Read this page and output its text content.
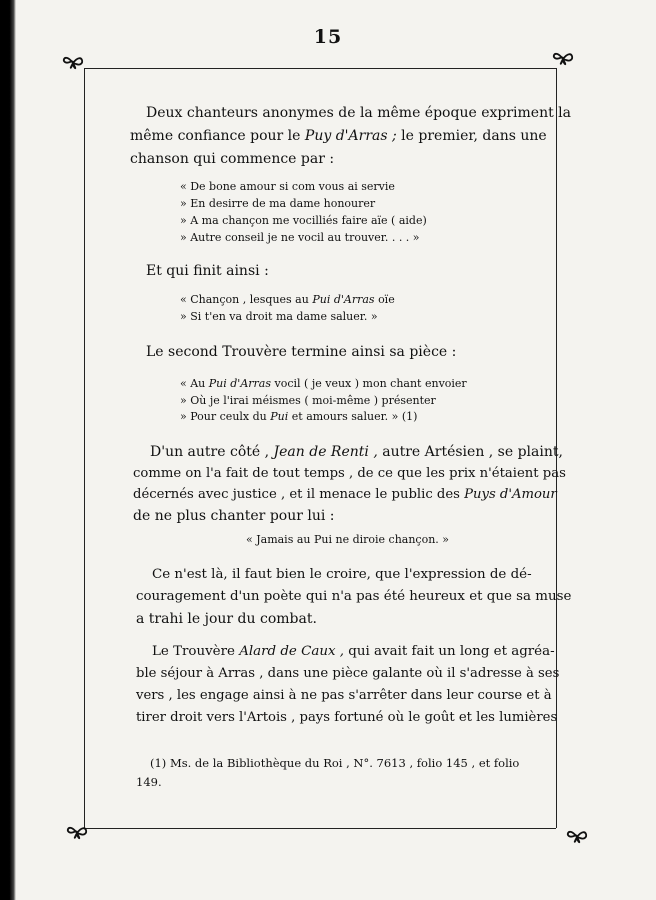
15
Deux chanteurs anonymes de la même époque expriment la
même confiance pour le Puy d'Arras ; le premier, dans une
chanson qui commence par :
« De bone amour si com vous ai servie
» En desirre de ma dame honourer
» A ma chançon me vocilliés faire aïe ( aide)
» Autre conseil je ne vocil au trouver. . . . »
Et qui finit ainsi :
« Chançon , lesques au Pui d'Arras oïe
» Si t'en va droit ma dame saluer. »
Le second Trouvère termine ainsi sa pièce :
« Au Pui d'Arras vocil ( je veux ) mon chant envoier
» Où je l'irai méismes ( moi-même ) présenter
» Pour ceulx du Pui et amours saluer. » (1)
D'un autre côté , Jean de Renti , autre Artésien , se plaint,
comme on l'a fait de tout temps , de ce que les prix n'étaient pas
décernés avec justice , et il menace le public des Puys d'Amour
de ne plus chanter pour lui :
« Jamais au Pui ne diroie chançon. »
Ce n'est là, il faut bien le croire, que l'expression de dé-
couragement d'un poète qui n'a pas été heureux et que sa muse
a trahi le jour du combat.
Le Trouvère Alard de Caux , qui avait fait un long et agréa-
ble séjour à Arras , dans une pièce galante où il s'adresse à ses
vers , les engage ainsi à ne pas s'arrêter dans leur course et à
tirer droit vers l'Artois , pays fortuné où le goût et les lumières
(1) Ms. de la Bibliothèque du Roi , N°. 7613 , folio 145 , et folio
149.
